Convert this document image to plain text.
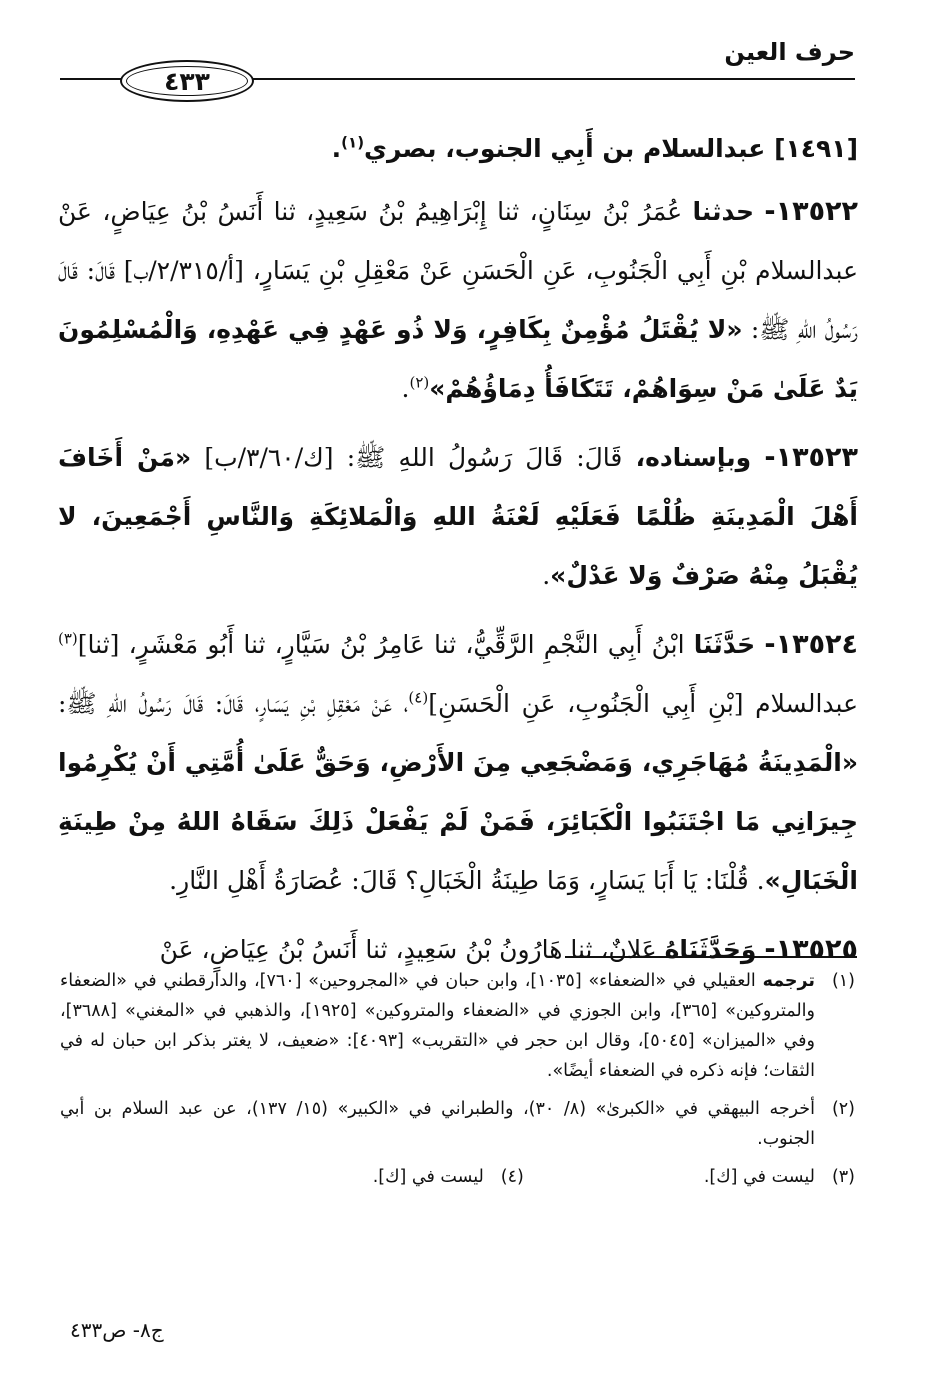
حرف العين
٤٣٣

[١٤٩١] عبدالسلام بن أَبِي الجنوب، بصري$^{(١)}$.

١٣٥٢٢- حدثنا عُمَرُ بْنُ سِنَانٍ، ثنا إِبْرَاهِيمُ بْنُ سَعِيدٍ، ثنا أَنَسُ بْنُ عِيَاضٍ، عَنْ عبدالسلام بْنِ أَبِي الْجَنُوبِ، عَنِ الْحَسَنِ عَنْ مَعْقِلِ بْنِ يَسَارٍ، [أ/٢/٣١٥/ب] قَالَ: قَالَ رَسُولُ اللهِ ﷺ: «لا يُقْتَلُ مُؤْمِنٌ بِكَافِرٍ، وَلا ذُو عَهْدٍ فِي عَهْدِهِ، وَالْمُسْلِمُونَ يَدٌ عَلَىٰ مَنْ سِوَاهُمْ، تَتَكَافَأُ دِمَاؤُهُمْ»$^{(٢)}$.

١٣٥٢٣- وبإسناده، قَالَ: قَالَ رَسُولُ اللهِ ﷺ: [ك/٣/٦٠/ب] «مَنْ أَخَافَ أَهْلَ الْمَدِينَةِ ظُلْمًا فَعَلَيْهِ لَعْنَةُ اللهِ وَالْمَلائِكَةِ وَالنَّاسِ أَجْمَعِينَ، لا يُقْبَلُ مِنْهُ صَرْفٌ وَلا عَدْلٌ».

١٣٥٢٤- حَدَّثَنَا ابْنُ أَبِي النَّجْمِ الرَّقِّيُّ، ثنا عَامِرُ بْنُ سَيَّارٍ، ثنا أَبُو مَعْشَرٍ، [ثنا]$^{(٣)}$ عبدالسلام [بْنِ أَبِي الْجَنُوبِ، عَنِ الْحَسَنِ]$^{(٤)}$، عَنْ مَعْقِلِ بْنِ يَسَارٍ، قَالَ: قَالَ رَسُولُ اللهِ ﷺ: «الْمَدِينَةُ مُهَاجَرِي، وَمَضْجَعِي مِنَ الأَرْضِ، وَحَقٌّ عَلَىٰ أُمَّتِي أَنْ يُكْرِمُوا جِيرَانِي مَا اجْتَنَبُوا الْكَبَائِرَ، فَمَنْ لَمْ يَفْعَلْ ذَلِكَ سَقَاهُ اللهُ مِنْ طِينَةِ الْخَبَالِ». قُلْنَا: يَا أَبَا يَسَارٍ، وَمَا طِينَةُ الْخَبَالِ؟ قَالَ: عُصَارَةُ أَهْلِ النَّارِ.

١٣٥٢٥- وَحَدَّثَنَاهُ عَلانٌ، ثنا هَارُونُ بْنُ سَعِيدٍ، ثنا أَنَسُ بْنُ عِيَاضٍ، عَنْ

(١)
ترجمه العقيلي في «الضعفاء» [١٠٣٥]، وابن حبان في «المجروحين» [٧٦٠]، والدارقطني في «الضعفاء والمتروكين» [٣٦٥]، وابن الجوزي في «الضعفاء والمتروكين» [١٩٢٥]، والذهبي في «المغني» [٣٦٨٨]، وفي «الميزان» [٥٠٤٥]، وقال ابن حجر في «التقريب» [٤٠٩٣]: «ضعيف، لا يغتر بذكر ابن حبان له في الثقات؛ فإنه ذكره في الضعفاء أيضًا».
(٢)
أخرجه البيهقي في «الكبرىٰ» (٨/ ٣٠)، والطبراني في «الكبير» (١٥/ ١٣٧)، عن عبد السلام بن أبي الجنوب.
(٣)
ليست في [ك].
(٤)
ليست في [ك].
ج٨- ص٤٣٣
